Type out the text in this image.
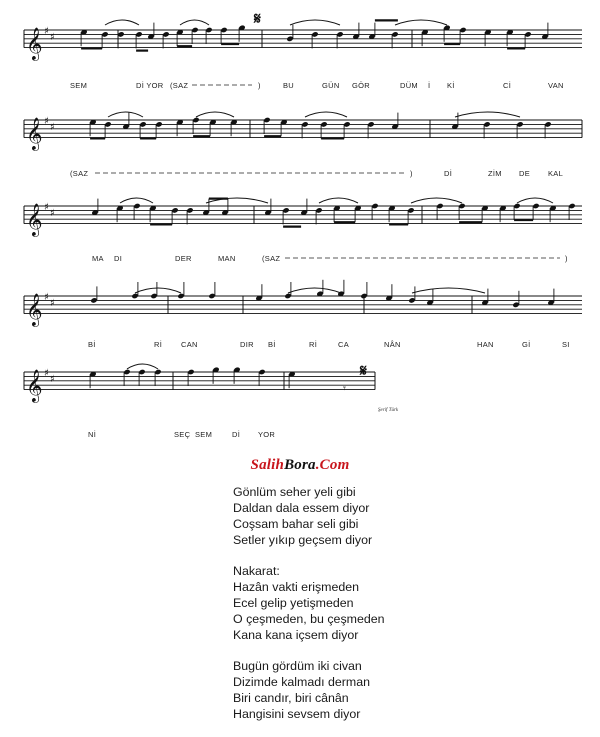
𝄞 ♯
♯
SEM	Dİ YOR (SAZ	)	BU	GÜN GÖR	DÜM İ Kİ	Cİ	VAN
𝄞 ♯
♯
(SAZ	)	Dİ	ZİM DE KAL
𝄞 ♯
♯
MA DI	DER	MAN	(SAZ	)
𝄞 ♯
♯
Bİ	Rİ	CAN	DIR Bİ	Rİ	CA	NÂN	HAN	Gİ	SI
𝄞 ♯
♯
Nİ	SEÇ SEM	Dİ YOR
𝄋
𝄋
𝄾
Şerif Türk
SalihBora.Com
Gönlüm seher yeli gibi
Daldan dala essem diyor
Coşsam bahar seli gibi
Setler yıkıp geçsem diyor
Nakarat:
Hazân vakti erişmeden
Ecel gelip yetişmeden
O çeşmeden, bu çeşmeden
Kana kana içsem diyor
Bugün gördüm iki civan
Dizimde kalmadı derman
Biri candır, biri cânân
Hangisini sevsem diyor
